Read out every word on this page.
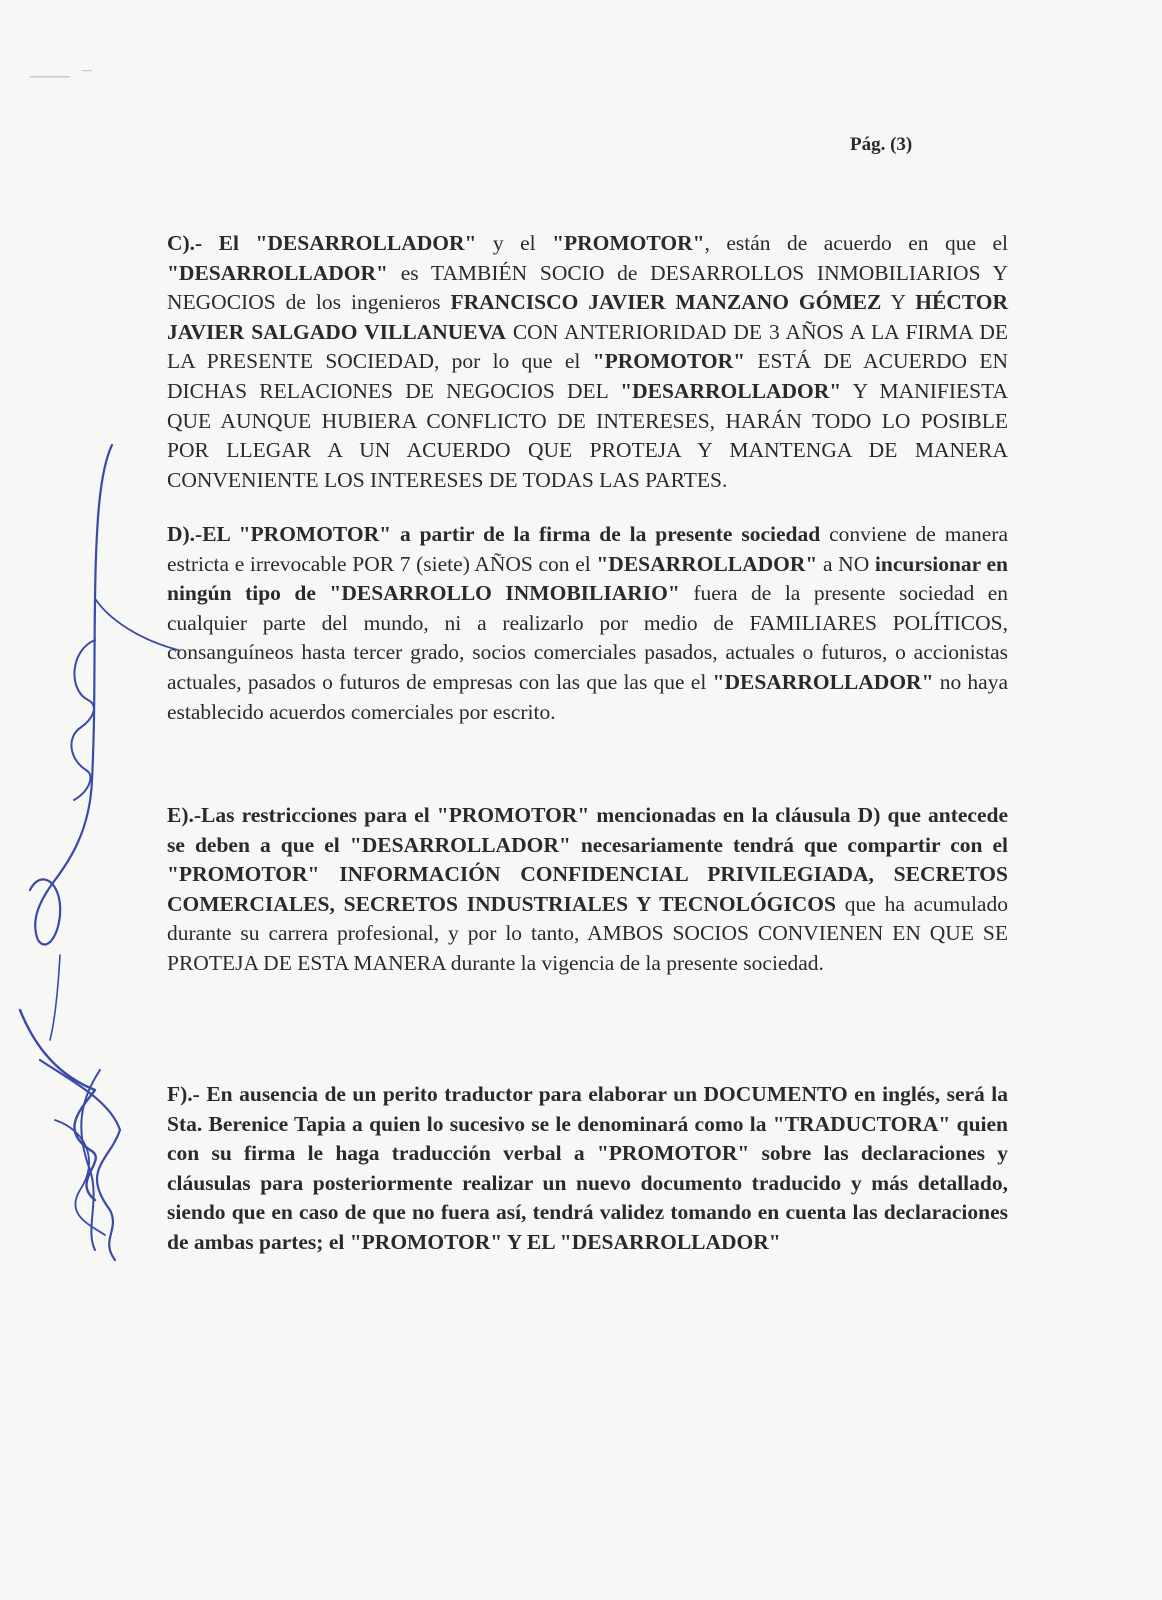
Pág. (3)

C).- El "DESARROLLADOR" y el "PROMOTOR", están de acuerdo en que el "DESARROLLADOR" es TAMBIÉN SOCIO de DESARROLLOS INMOBILIARIOS Y NEGOCIOS de los ingenieros FRANCISCO JAVIER MANZANO GÓMEZ Y HÉCTOR JAVIER SALGADO VILLANUEVA CON ANTERIORIDAD DE 3 AÑOS A LA FIRMA DE LA PRESENTE SOCIEDAD, por lo que el "PROMOTOR" ESTÁ DE ACUERDO EN DICHAS RELACIONES DE NEGOCIOS DEL "DESARROLLADOR" Y MANIFIESTA QUE AUNQUE HUBIERA CONFLICTO DE INTERESES, HARÁN TODO LO POSIBLE POR LLEGAR A UN ACUERDO QUE PROTEJA Y MANTENGA DE MANERA CONVENIENTE LOS INTERESES DE TODAS LAS PARTES.

D).-EL "PROMOTOR" a partir de la firma de la presente sociedad conviene de manera estricta e irrevocable POR 7 (siete) AÑOS con el "DESARROLLADOR" a NO incursionar en ningún tipo de "DESARROLLO INMOBILIARIO" fuera de la presente sociedad en cualquier parte del mundo, ni a realizarlo por medio de FAMILIARES POLÍTICOS, consanguíneos hasta tercer grado, socios comerciales pasados, actuales o futuros, o accionistas actuales, pasados o futuros de empresas con las que las que el "DESARROLLADOR" no haya establecido acuerdos comerciales por escrito.

E).-Las restricciones para el "PROMOTOR" mencionadas en la cláusula D) que antecede se deben a que el "DESARROLLADOR" necesariamente tendrá que compartir con el "PROMOTOR" INFORMACIÓN CONFIDENCIAL PRIVILEGIADA, SECRETOS COMERCIALES, SECRETOS INDUSTRIALES Y TECNOLÓGICOS que ha acumulado durante su carrera profesional, y por lo tanto, AMBOS SOCIOS CONVIENEN EN QUE SE PROTEJA DE ESTA MANERA durante la vigencia de la presente sociedad.

F).- En ausencia de un perito traductor para elaborar un DOCUMENTO en inglés, será la Sta. Berenice Tapia a quien lo sucesivo se le denominará como la "TRADUCTORA" quien con su firma le haga traducción verbal a "PROMOTOR" sobre las declaraciones y cláusulas para posteriormente realizar un nuevo documento traducido y más detallado, siendo que en caso de que no fuera así, tendrá validez tomando en cuenta las declaraciones de ambas partes; el "PROMOTOR" Y EL "DESARROLLADOR"
